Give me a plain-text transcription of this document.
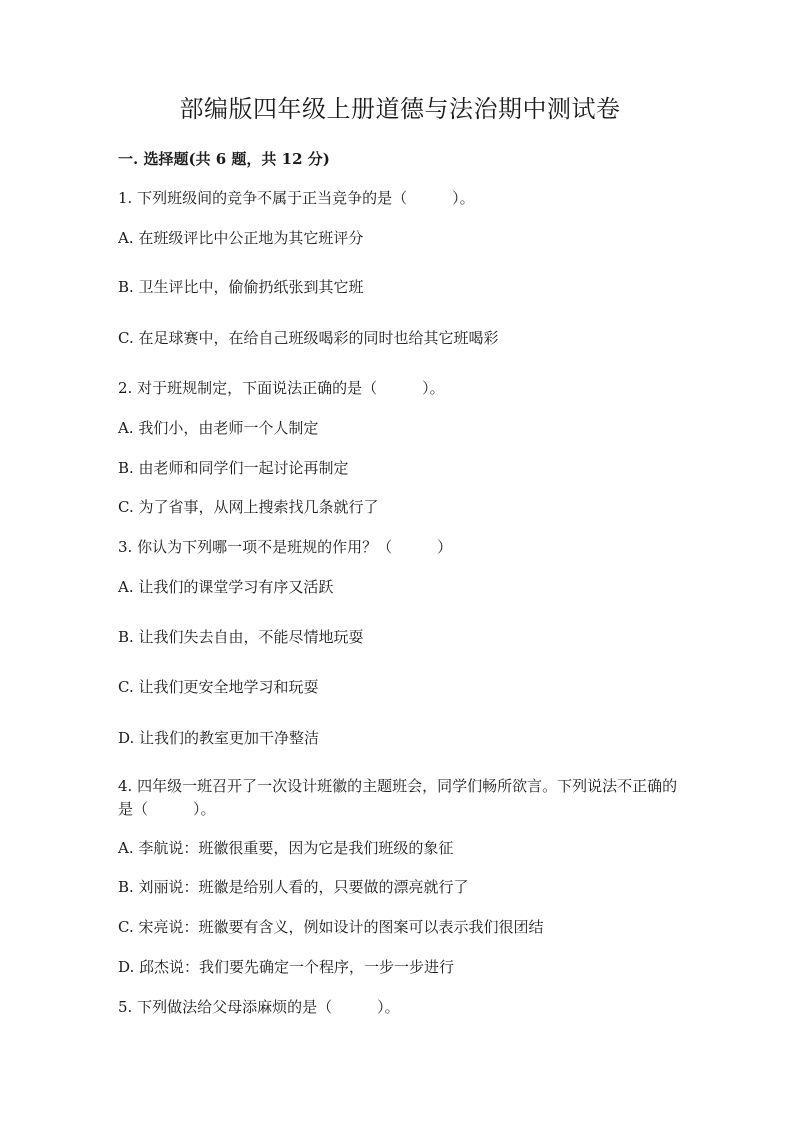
部编版四年级上册道德与法治期中测试卷
一. 选择题(共 6 题，共 12 分)

1. 下列班级间的竞争不属于正当竞争的是（　　　）。

A. 在班级评比中公正地为其它班评分

B. 卫生评比中，偷偷扔纸张到其它班

C. 在足球赛中，在给自己班级喝彩的同时也给其它班喝彩

2. 对于班规制定，下面说法正确的是（　　　）。

A. 我们小，由老师一个人制定

B. 由老师和同学们一起讨论再制定

C. 为了省事，从网上搜索找几条就行了

3. 你认为下列哪一项不是班规的作用？（　　　）

A. 让我们的课堂学习有序又活跃

B. 让我们失去自由，不能尽情地玩耍

C. 让我们更安全地学习和玩耍

D. 让我们的教室更加干净整洁

4. 四年级一班召开了一次设计班徽的主题班会，同学们畅所欲言。下列说法不正确的是（　　　）。

A. 李航说：班徽很重要，因为它是我们班级的象征

B. 刘丽说：班徽是给别人看的，只要做的漂亮就行了

C. 宋亮说：班徽要有含义，例如设计的图案可以表示我们很团结

D. 邱杰说：我们要先确定一个程序，一步一步进行

5. 下列做法给父母添麻烦的是（　　　）。
